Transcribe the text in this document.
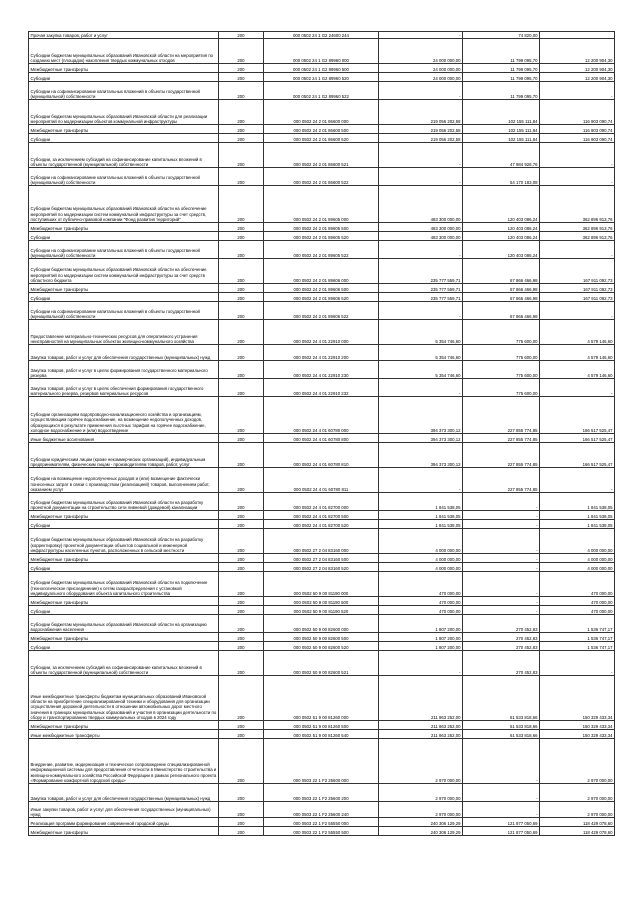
Прочая закупка товаров, работ и услуг	200	000 0502 24 1 G2 24600 244	-	74 820,00	
Субсидии бюджетам муниципальных образований Ивановской области на мероприятия по созданию мест (площадок) накопления твердых коммунальных отходов	200	000 0502 24 1 G2 89960 000	24 000 000,00	11 799 095,70	12 200 904,30
Межбюджетные трансферты	200	000 0502 24 1 G2 89960 500	24 000 000,00	11 799 095,70	12 200 904,30
Субсидии	200	000 0502 24 1 G2 89960 520	24 000 000,00	11 799 095,70	12 200 904,30
Субсидии на софинансирование капитальных вложений в объекты государственной (муниципальной) собственности	200	000 0502 24 1 G2 89960 522	-	11 799 095,70	-
Субсидии бюджетам муниципальных образований Ивановской области для реализации мероприятий по модернизации объектов коммунальной инфраструктуры	200	000 0502 24 2 01 86600 000	219 056 202,58	102 155 111,84	116 903 090,74
Межбюджетные трансферты	200	000 0502 24 2 01 86600 500	219 056 202,58	102 155 111,84	116 903 090,74
Субсидии	200	000 0502 24 2 01 86600 520	219 056 202,58	102 155 111,84	116 903 090,74
Субсидии, за исключением субсидий на софинансирование капитальных вложений в объекты государственной (муниципальной) собственности	200	000 0502 24 2 01 86600 521	-	47 984 928,76	-
Субсидии на софинансирование капитальных вложений в объекты государственной (муниципальной) собственности	200	000 0502 24 2 01 86600 522	-	54 170 183,08	-
Субсидии бюджетам муниципальных образований Ивановской области на обеспечение мероприятий по модернизации систем коммунальной инфраструктуры за счет средств, поступивших от публично-правовой компании "Фонд развития территорий"	200	000 0502 24 2 01 89605 000	483 300 000,00	120 403 086,24	362 896 913,76
Межбюджетные трансферты	200	000 0502 24 2 01 89605 500	483 300 000,00	120 403 086,24	362 896 913,76
Субсидии	200	000 0502 24 2 01 89605 520	483 300 000,00	120 403 086,24	362 896 913,76
Субсидии на софинансирование капитальных вложений в объекты государственной (муниципальной) собственности	200	000 0502 24 2 01 89605 522	-	120 403 086,24	-
Субсидии бюджетам муниципальных образований Ивановской области на обеспечение мероприятий по модернизации систем коммунальной инфраструктуры за счет средств областного бюджета	200	000 0502 24 2 01 89606 000	235 777 559,71	67 866 466,98	167 911 092,73
Межбюджетные трансферты	200	000 0502 24 2 01 89606 500	235 777 559,71	67 866 466,98	167 911 092,73
Субсидии	200	000 0502 24 2 01 89606 520	235 777 559,71	67 866 466,98	167 911 092,73
Субсидии на софинансирование капитальных вложений в объекты государственной (муниципальной) собственности	200	000 0502 24 2 01 89606 522	-	67 866 466,98	-
Предоставление материально-технических ресурсов для оперативного устранения неисправностей на муниципальных объектах жилищно-коммунального хозяйства	200	000 0502 24 4 01 22910 000	5 354 746,60	775 600,00	4 579 146,60
Закупка товаров, работ и услуг для обеспечения государственных (муниципальных) нужд	200	000 0502 24 4 01 22910 200	5 354 746,60	775 600,00	4 579 146,60
Закупка товаров, работ и услуг в целях формирования государственного материального резерва	200	000 0502 24 4 01 22910 230	5 354 746,60	775 600,00	4 579 146,60
Закупка товаров, работ и услуг в целях обеспечения формирования государственного материального резерва, резервов материальных ресурсов	200	000 0502 24 4 01 22910 232	-	775 600,00	-
Субсидии организациям водопроводно-канализационного хозяйства и организациям, осуществляющим горячее водоснабжение, на возмещение недополученных доходов, образующихся в результате применения льготных тарифов на горячее водоснабжение, холодное водоснабжение и (или) водоотведение	200	000 0502 24 4 01 60780 000	394 373 300,12	227 855 774,85	166 517 525,47
Иные бюджетные ассигнования	200	000 0502 24 4 01 60780 800	394 373 300,12	227 855 774,85	166 517 525,47
Субсидии юридическим лицам (кроме некоммерческих организаций), индивидуальным предпринимателям, физическим лицам - производителям товаров, работ, услуг	200	000 0502 24 4 01 60780 810	394 373 300,12	227 855 774,85	166 517 525,47
Субсидии на возмещение недополученных доходов и (или) возмещение фактически понесенных затрат в связи с производством (реализацией) товаров, выполнением работ, оказанием услуг	200	000 0502 24 4 01 60780 811	-	227 855 774,85	-
Субсидии бюджетам муниципальных образований Ивановской области на разработку проектной документации на строительство сети ливневой (дождевой) канализации	200	000 0502 24 4 01 82700 000	1 841 538,05	-	1 841 538,05
Межбюджетные трансферты	200	000 0502 24 4 01 82700 500	1 841 538,05	-	1 841 538,05
Субсидии	200	000 0502 24 4 01 82700 520	1 841 538,05	-	1 841 538,05
Субсидии бюджетам муниципальных образований Ивановской области на разработку (корректировку) проектной документации объектов социальной и инженерной инфраструктуры населенных пунктов, расположенных в сельской местности	200	000 0502 27 2 04 83160 000	4 000 000,00	-	4 000 000,00
Межбюджетные трансферты	200	000 0502 27 2 04 83160 500	4 000 000,00	-	4 000 000,00
Субсидии	200	000 0502 27 2 04 83160 520	4 000 000,00	-	4 000 000,00
Субсидии бюджетам муниципальных образований Ивановской области на подключение (технологическое присоединение) к сетям газораспределения с установкой индивидуального оборудования объекта капитального строительства	200	000 0502 50 9 00 81190 000	470 000,00	-	470 000,00
Межбюджетные трансферты	200	000 0502 50 9 00 81190 500	470 000,00	-	470 000,00
Субсидии	200	000 0502 50 9 00 81190 520	470 000,00	-	470 000,00
Субсидии бюджетам муниципальных образований Ивановской области на организацию водоснабжения населения	200	000 0502 50 9 00 82600 000	1 807 200,00	270 452,83	1 536 747,17
Межбюджетные трансферты	200	000 0502 50 9 00 82600 500	1 807 200,00	270 452,83	1 536 747,17
Субсидии	200	000 0502 50 9 00 82600 520	1 807 200,00	270 452,83	1 536 747,17
Субсидии, за исключением субсидий на софинансирование капитальных вложений в объекты государственной (муниципальной) собственности	200	000 0502 50 9 00 82600 521	-	270 452,83	-
Иные межбюджетные трансферты бюджетам муниципальных образований Ивановской области на приобретение специализированной техники и оборудования для организации осуществления дорожной деятельности в отношении автомобильных дорог местного значения в границах муниципальных образований и участия в организации деятельности по сбору и транспортированию твердых коммунальных отходов в 2024 году	200	000 0502 51 9 00 81260 000	211 863 252,00	61 533 818,66	150 329 433,34
Межбюджетные трансферты	200	000 0502 51 9 00 81260 500	211 863 252,00	61 533 818,66	150 329 433,34
Иные межбюджетные трансферты	200	000 0502 51 9 00 81260 540	211 863 252,00	61 533 818,66	150 329 433,34
Внедрение, развитие, модернизация и техническое сопровождение специализированной информационной системы для предоставления отчетности в Министерство строительства и жилищно-коммунального хозяйства Российской Федерации в рамках регионального проекта «Формирование комфортной городской среды»	200	000 0503 22 1 F2 25600 000	2 970 000,00	-	2 970 000,00
Закупка товаров, работ и услуг для обеспечения государственных (муниципальных) нужд	200	000 0503 22 1 F2 25600 200	2 970 000,00	-	2 970 000,00
Иные закупки товаров, работ и услуг для обеспечения государственных (муниципальных) нужд	200	000 0503 22 1 F2 25600 240	2 970 000,00	-	2 970 000,00
Реализация программ формирования современной городской среды	200	000 0503 22 1 F2 55550 000	240 306 129,29	121 877 050,69	118 429 078,60
Межбюджетные трансферты	200	000 0503 22 1 F2 55550 500	240 306 129,29	121 877 050,69	118 429 078,60
